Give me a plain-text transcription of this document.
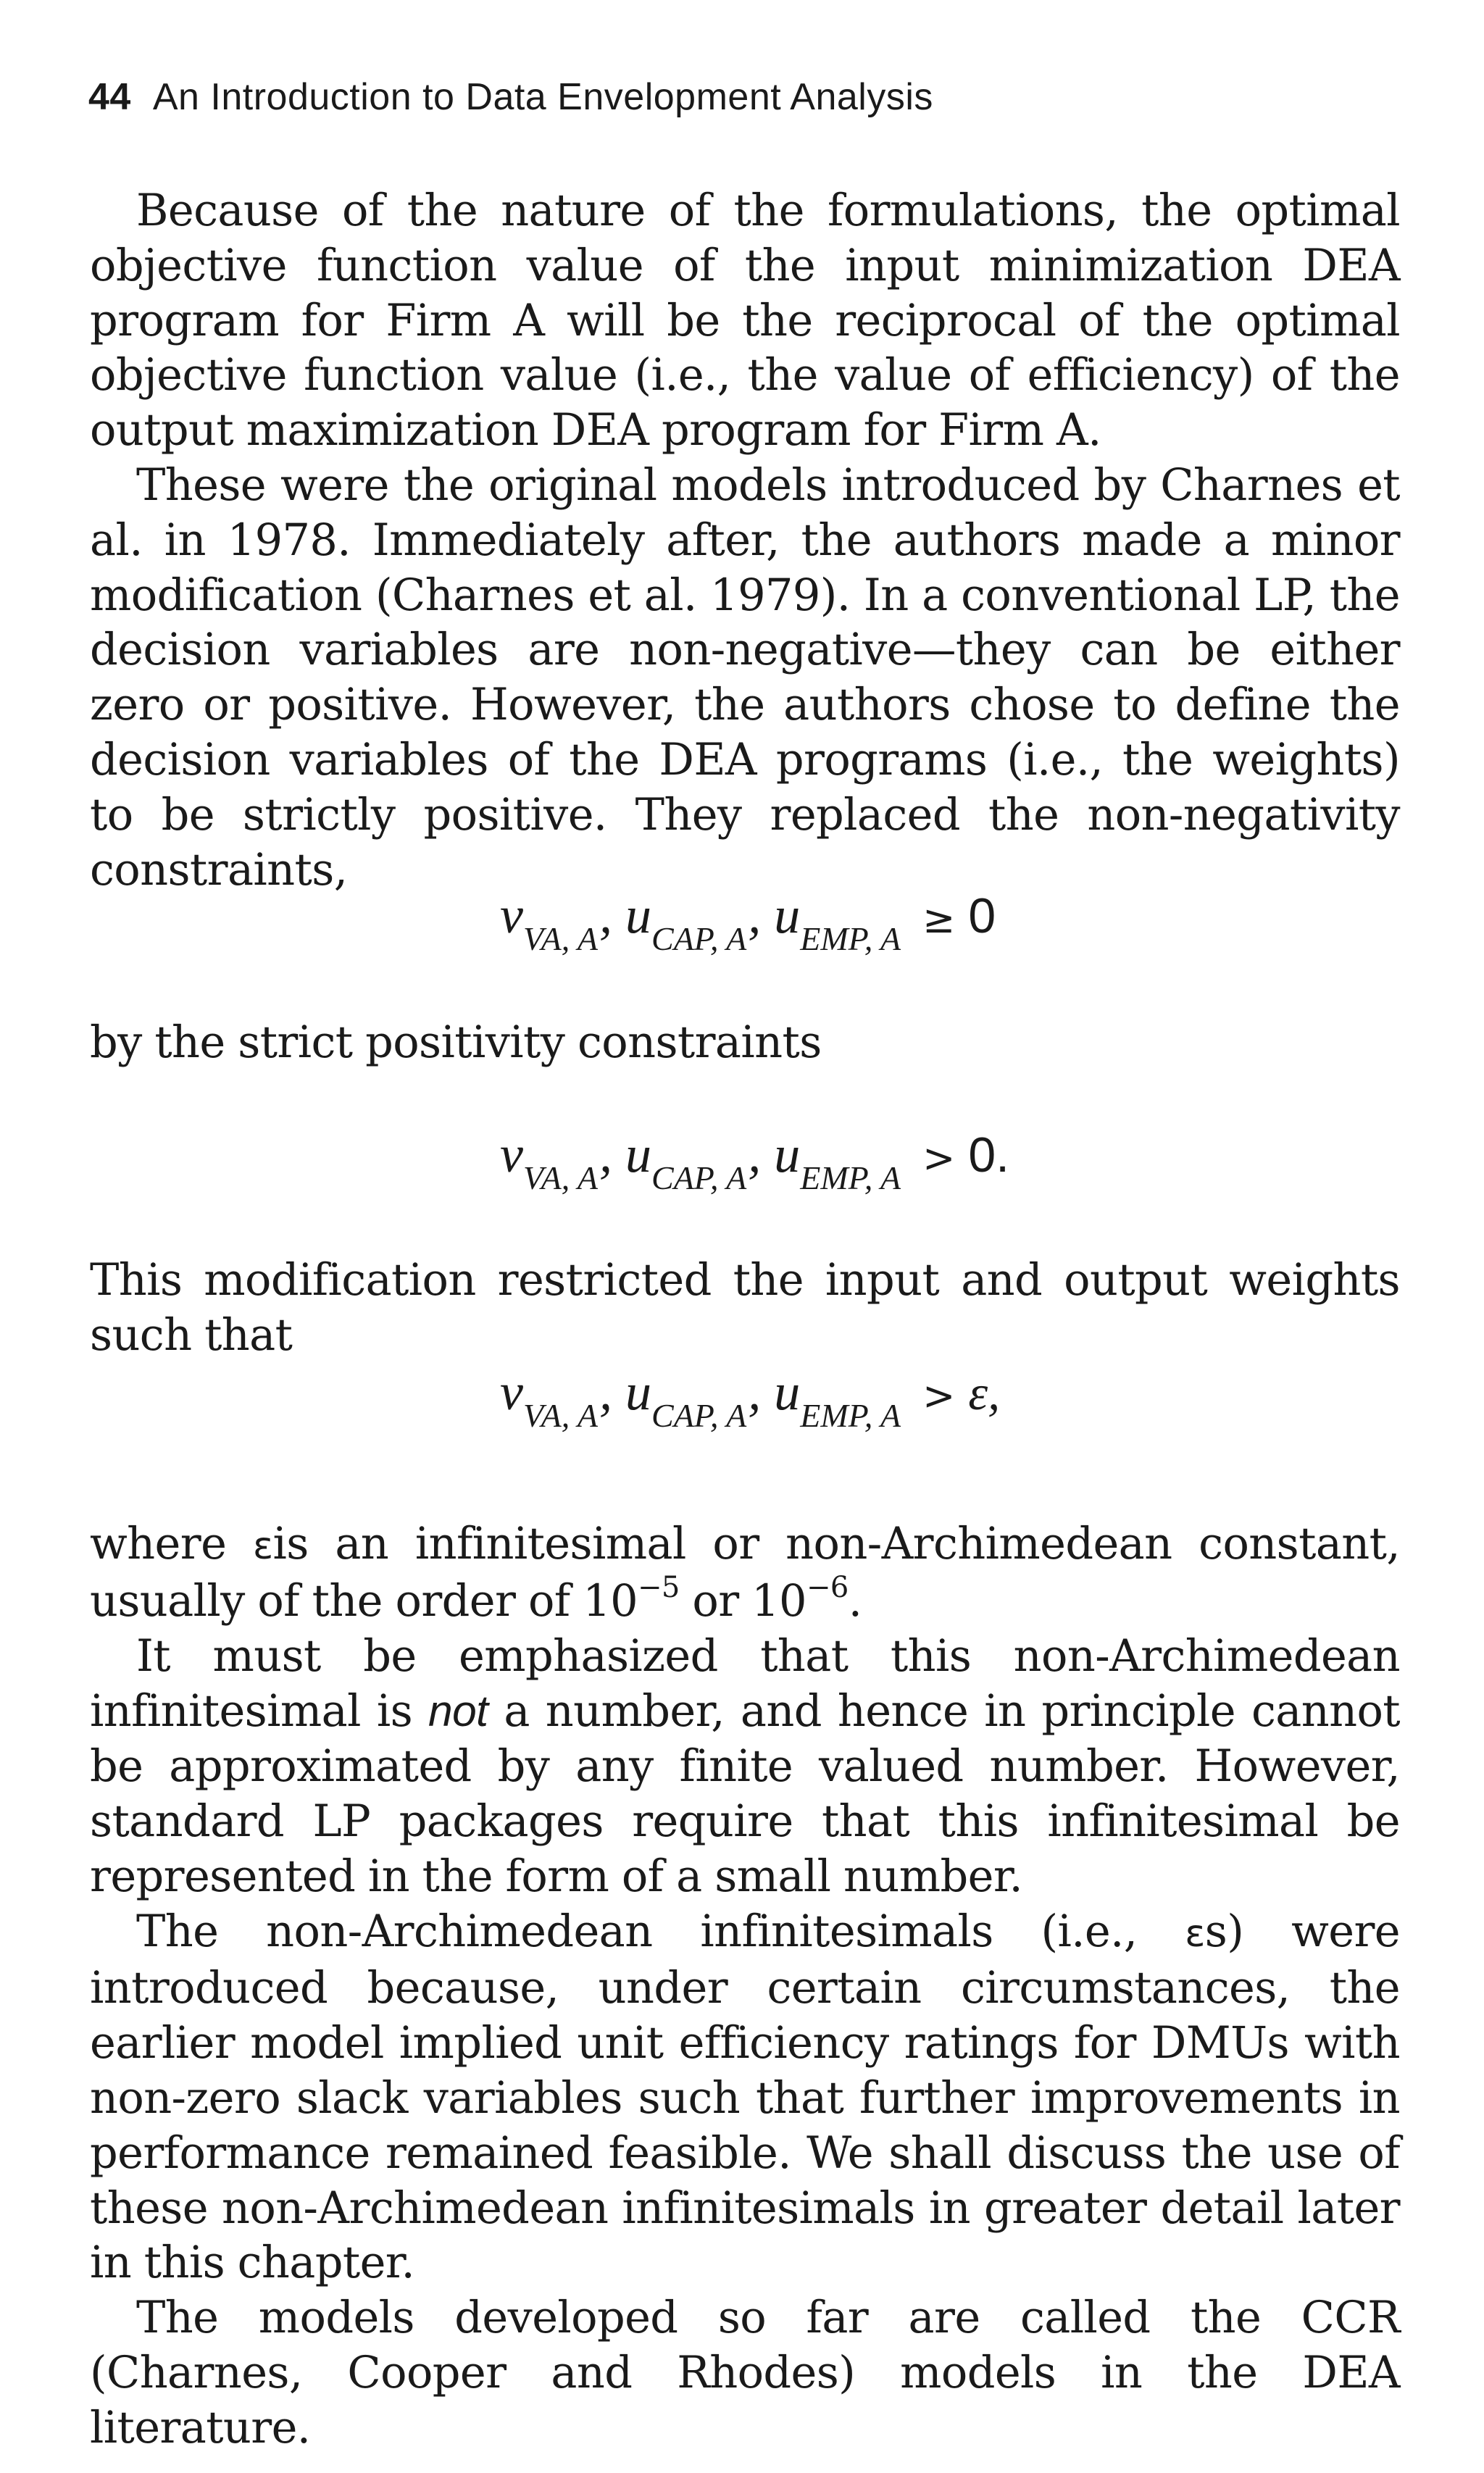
44 An Introduction to Data Envelopment Analysis

Because of the nature of the formulations, the optimal objective function value of the input minimization DEA program for Firm A will be the reciprocal of the optimal objective function value (i.e., the value of efficiency) of the output maximization DEA program for Firm A.

These were the original models introduced by Charnes et al. in 1978. Immediately after, the authors made a minor modification (Charnes et al. 1979). In a conventional LP, the decision variables are non-negative—they can be either zero or positive. However, the authors chose to define the decision variables of the DEA programs (i.e., the weights) to be strictly positive. They replaced the non-negativity constraints,

$v_{VA, A}$, $u_{CAP, A}$, $u_{EMP, A} \ge 0$

by the strict positivity constraints

$v_{VA, A}$, $u_{CAP, A}$, $u_{EMP, A} > 0$.

This modification restricted the input and output weights such that

$v_{VA, A}$, $u_{CAP, A}$, $u_{EMP, A} > \varepsilon$,

where εis an infinitesimal or non-Archimedean constant, usually of the order of $10^{-5}$ or $10^{-6}$.

It must be emphasized that this non-Archimedean infinitesimal is not a number, and hence in principle cannot be approximated by any finite valued number. However, standard LP packages require that this infinitesimal be represented in the form of a small number.

The non-Archimedean infinitesimals (i.e., εs) were introduced because, under certain circumstances, the earlier model implied unit efficiency ratings for DMUs with non-zero slack variables such that further improvements in performance remained feasible. We shall discuss the use of these non-Archimedean infinitesimals in greater detail later in this chapter.

The models developed so far are called the CCR (Charnes, Cooper and Rhodes) models in the DEA literature.
